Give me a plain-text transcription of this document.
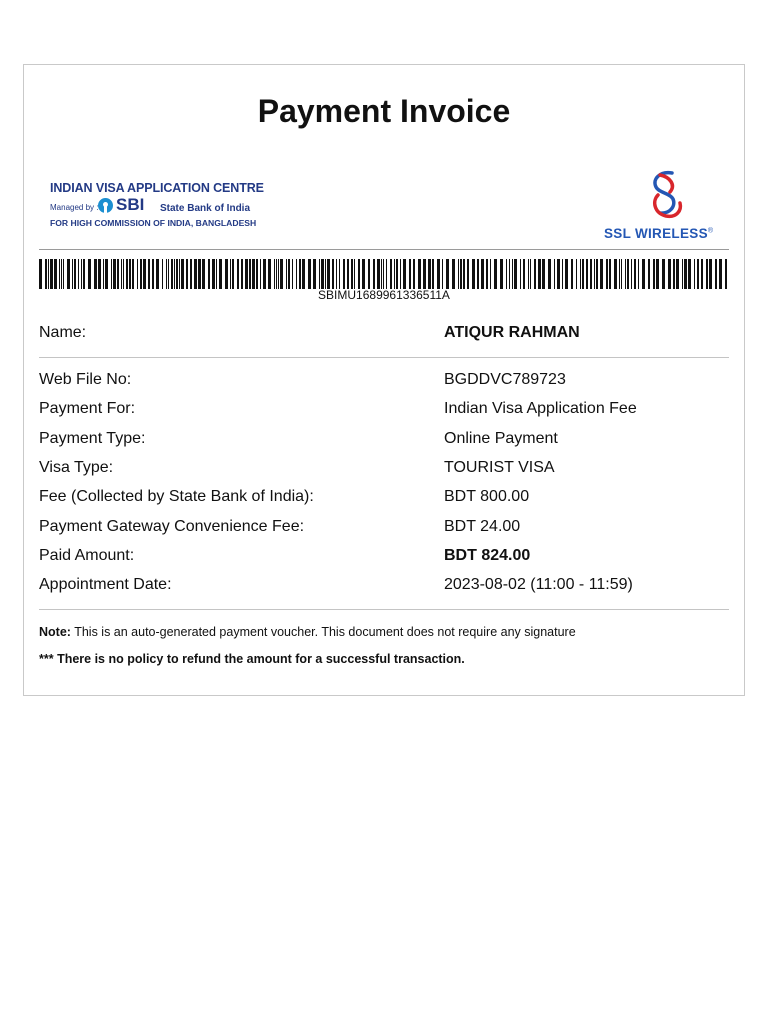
Payment Invoice
INDIAN VISA APPLICATION CENTRE
Managed by : SBI State Bank of India
FOR HIGH COMMISSION OF INDIA, BANGLADESH
SSL WIRELESS®
SBIMU1689961336511A
Name:	ATIQUR RAHMAN
Web File No:	BGDDVC789723
Payment For:	Indian Visa Application Fee
Payment Type:	Online Payment
Visa Type:	TOURIST VISA
Fee (Collected by State Bank of India):	BDT 800.00
Payment Gateway Convenience Fee:	BDT 24.00
Paid Amount:	BDT 824.00
Appointment Date:	2023-08-02 (11:00 - 11:59)
Note: This is an auto-generated payment voucher. This document does not require any signature
*** There is no policy to refund the amount for a successful transaction.
